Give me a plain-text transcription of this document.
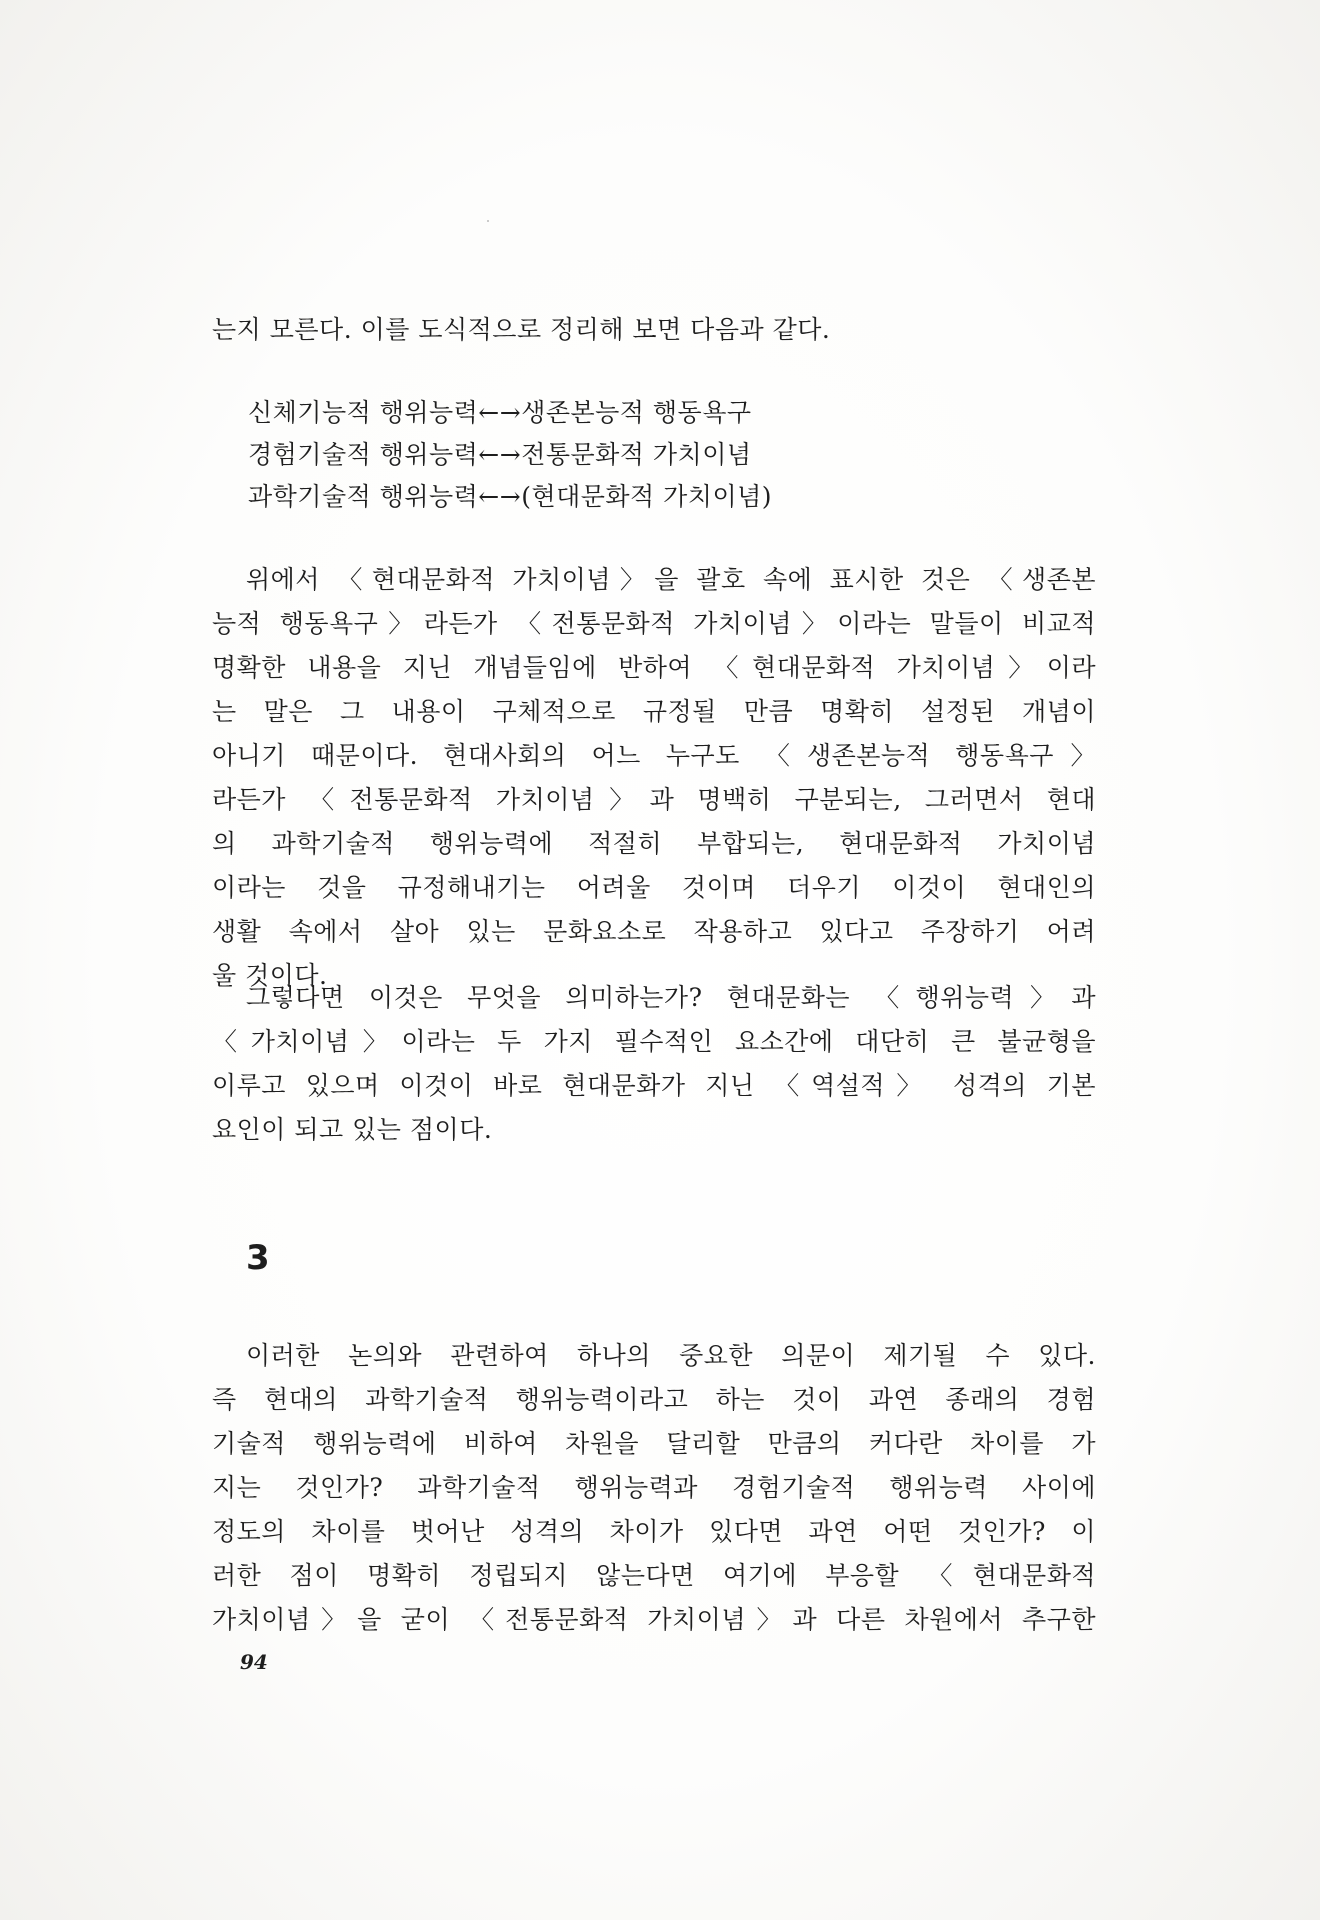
는지 모른다. 이를 도식적으로 정리해 보면 다음과 같다.
신체기능적 행위능력←→생존본능적 행동욕구
경험기술적 행위능력←→전통문화적 가치이념
과학기술적 행위능력←→(현대문화적 가치이념)
위에서 〈현대문화적 가치이념〉을 괄호 속에 표시한 것은 〈생존본
능적 행동욕구〉라든가 〈전통문화적 가치이념〉이라는 말들이 비교적
명확한 내용을 지닌 개념들임에 반하여 〈현대문화적 가치이념〉이라
는 말은 그 내용이 구체적으로 규정될 만큼 명확히 설정된 개념이
아니기 때문이다. 현대사회의 어느 누구도 〈생존본능적 행동욕구〉
라든가 〈전통문화적 가치이념〉과 명백히 구분되는, 그러면서 현대
의 과학기술적 행위능력에 적절히 부합되는, 현대문화적 가치이념
이라는 것을 규정해내기는 어려울 것이며 더우기 이것이 현대인의
생활 속에서 살아 있는 문화요소로 작용하고 있다고 주장하기 어려
울 것이다.
그렇다면 이것은 무엇을 의미하는가? 현대문화는 〈행위능력〉과
〈가치이념〉이라는 두 가지 필수적인 요소간에 대단히 큰 불균형을
이루고 있으며 이것이 바로 현대문화가 지닌 〈역설적〉 성격의 기본
요인이 되고 있는 점이다.
3
이러한 논의와 관련하여 하나의 중요한 의문이 제기될 수 있다.
즉 현대의 과학기술적 행위능력이라고 하는 것이 과연 종래의 경험
기술적 행위능력에 비하여 차원을 달리할 만큼의 커다란 차이를 가
지는 것인가? 과학기술적 행위능력과 경험기술적 행위능력 사이에
정도의 차이를 벗어난 성격의 차이가 있다면 과연 어떤 것인가? 이
러한 점이 명확히 정립되지 않는다면 여기에 부응할 〈현대문화적
가치이념〉을 굳이 〈전통문화적 가치이념〉과 다른 차원에서 추구한
94
